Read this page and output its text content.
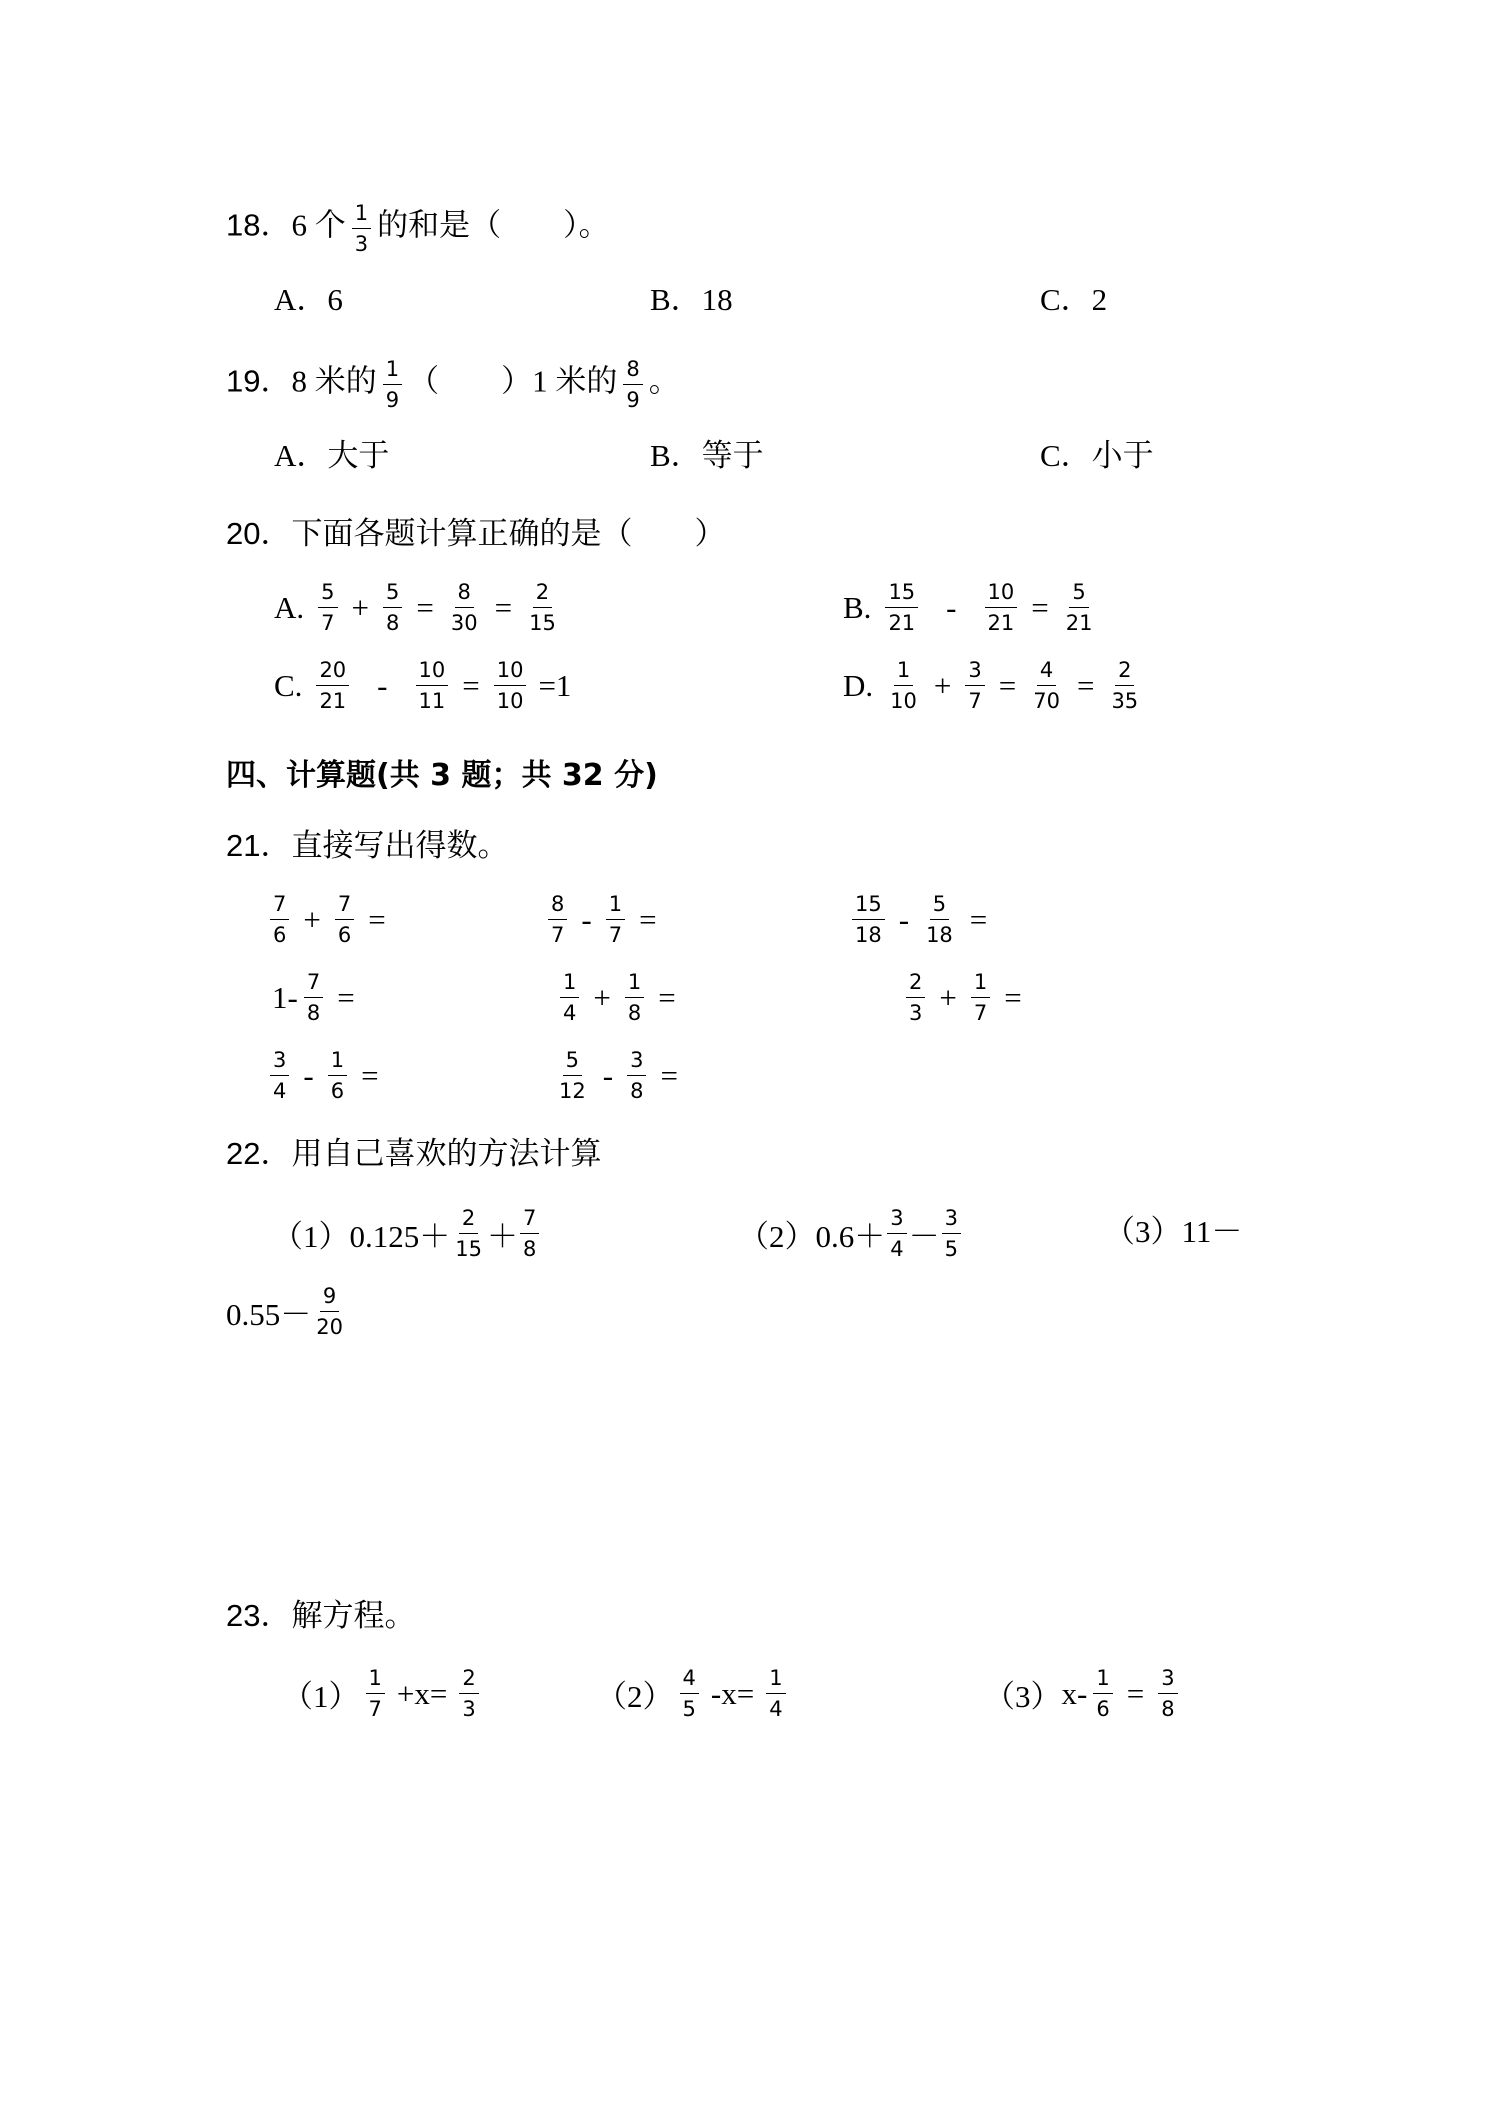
18．6 个 $\frac{1}{3}$ 的和是（　　）。
A．6	B．18	C．2
19．8 米的 $\frac{1}{9}$ （　　）1 米的 $\frac{8}{9}$ 。
A．大于	B．等于	C．小于
20．下面各题计算正确的是（　　）
A. $\frac{5}{7} + \frac{5}{8} = \frac{8}{30} = \frac{2}{15}$	B. $\frac{15}{21} - \frac{10}{21} = \frac{5}{21}$
C. $\frac{20}{21} - \frac{10}{11} = \frac{10}{10} =1$	D. $\frac{1}{10} + \frac{3}{7} = \frac{4}{70} = \frac{2}{35}$
四、计算题(共 3 题；共 32 分)
21．直接写出得数。
$\frac{7}{6} + \frac{7}{6}$ =	$\frac{8}{7} - \frac{1}{7}$ =	$\frac{15}{18} - \frac{5}{18}$ =
$1- \frac{7}{8}$ =	$\frac{1}{4} + \frac{1}{8}$ =	$\frac{2}{3} + \frac{1}{7}$ =
$\frac{3}{4} - \frac{1}{6}$ =	$\frac{5}{12} - \frac{3}{8}$ =
22．用自己喜欢的方法计算
（1） $0.125+ \frac{2}{15} + \frac{7}{8}$	（2） $0.6+ \frac{3}{4} - \frac{3}{5}$	（3） 11－
$0.55- \frac{9}{20}$
23．解方程。
$(1) \frac{1}{7} +x= \frac{2}{3}$	$(2) \frac{4}{5} -x= \frac{1}{4}$	（3） $x- \frac{1}{6} = \frac{3}{8}$
